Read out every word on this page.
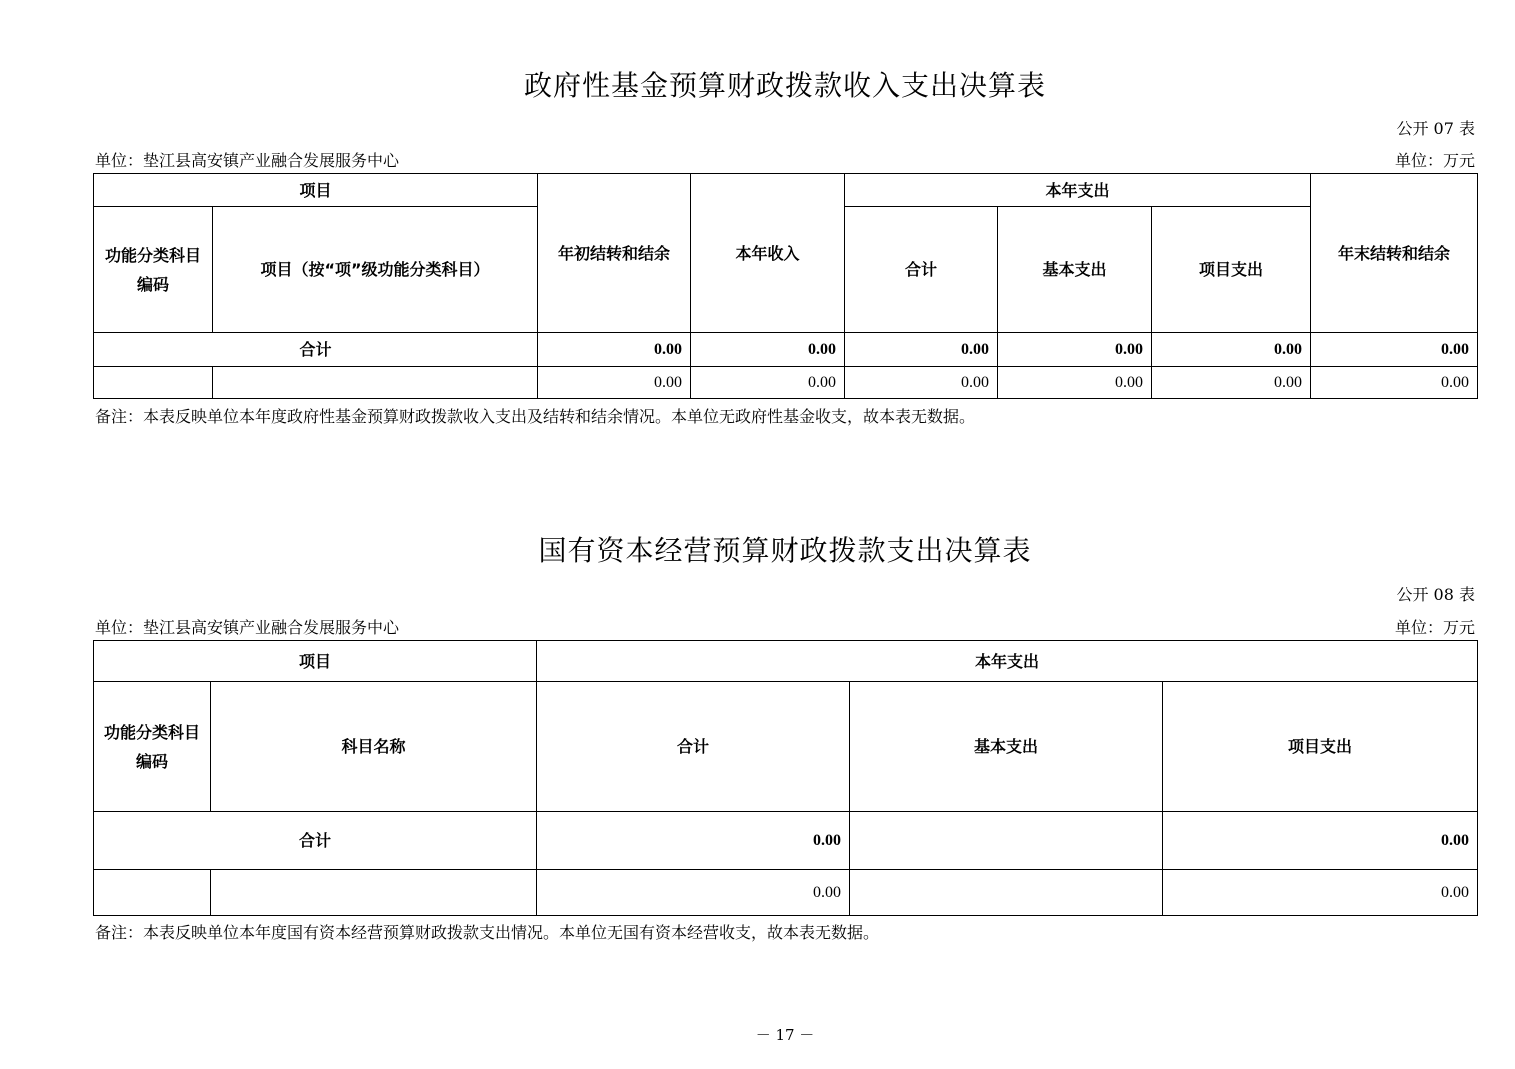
政府性基金预算财政拨款收入支出决算表
公开 07 表
单位：垫江县高安镇产业融合发展服务中心	单位：万元
项目		年初结转和结余	本年收入	本年支出			年末结转和结余
功能分类科目编码	项目（按“项”级功能分类科目）			合计	基本支出	项目支出	
合计		0.00	0.00	0.00	0.00	0.00	0.00
		0.00	0.00	0.00	0.00	0.00	0.00
备注：本表反映单位本年度政府性基金预算财政拨款收入支出及结转和结余情况。本单位无政府性基金收支，故本表无数据。
国有资本经营预算财政拨款支出决算表
公开 08 表
单位：垫江县高安镇产业融合发展服务中心	单位：万元
项目		本年支出		
功能分类科目编码	科目名称	合计	基本支出	项目支出
合计		0.00		0.00
		0.00		0.00
备注：本表反映单位本年度国有资本经营预算财政拨款支出情况。本单位无国有资本经营收支，故本表无数据。
－ 17 －
